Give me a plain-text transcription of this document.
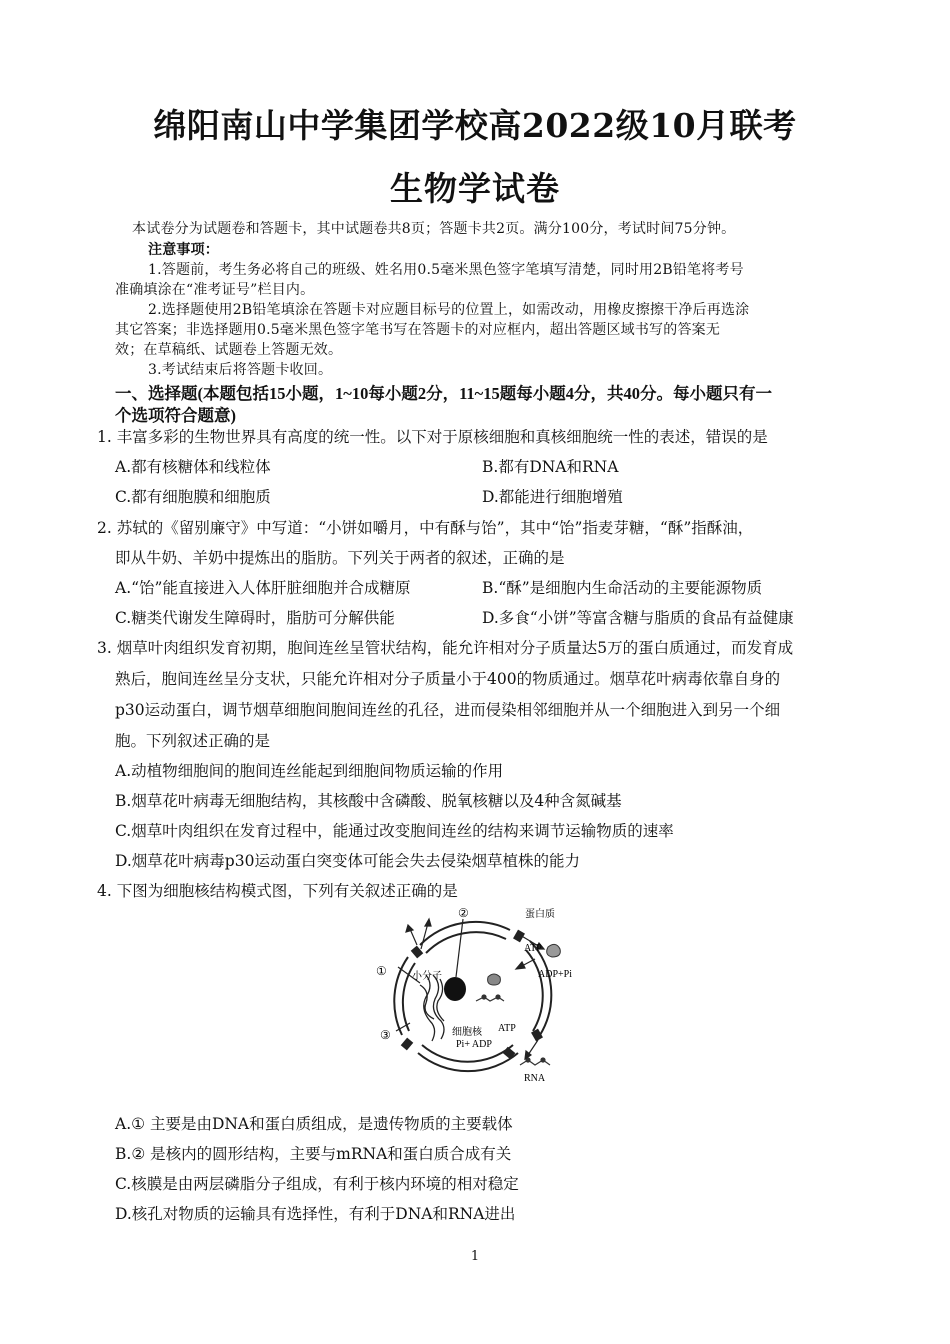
绵阳南山中学集团学校高2022级10月联考
生物学试卷
本试卷分为试题卷和答题卡，其中试题卷共8页；答题卡共2页。满分100分，考试时间75分钟。
注意事项：
1.答题前，考生务必将自己的班级、姓名用0.5毫米黑色签字笔填写清楚，同时用2B铅笔将考号
准确填涂在“准考证号”栏目内。
2.选择题使用2B铅笔填涂在答题卡对应题目标号的位置上，如需改动，用橡皮擦擦干净后再选涂
其它答案；非选择题用0.5毫米黑色签字笔书写在答题卡的对应框内，超出答题区域书写的答案无
效；在草稿纸、试题卷上答题无效。
3.考试结束后将答题卡收回。
一、选择题(本题包括15小题，1~10每小题2分，11~15题每小题4分，共40分。每小题只有一
个选项符合题意)
1. 丰富多彩的生物世界具有高度的统一性。以下对于原核细胞和真核细胞统一性的表述，错误的是
A.都有核糖体和线粒体	B.都有DNA和RNA
C.都有细胞膜和细胞质	D.都能进行细胞增殖
2. 苏轼的《留别廉守》中写道：“小饼如嚼月，中有酥与饴”，其中“饴”指麦芽糖，“酥”指酥油，
即从牛奶、羊奶中提炼出的脂肪。下列关于两者的叙述，正确的是
A.“饴”能直接进入人体肝脏细胞并合成糖原	B.“酥”是细胞内生命活动的主要能源物质
C.糖类代谢发生障碍时，脂肪可分解供能	D.多食“小饼”等富含糖与脂质的食品有益健康
3. 烟草叶肉组织发育初期，胞间连丝呈管状结构，能允许相对分子质量达5万的蛋白质通过，而发育成
熟后，胞间连丝呈分支状，只能允许相对分子质量小于400的物质通过。烟草花叶病毒依靠自身的
p30运动蛋白，调节烟草细胞间胞间连丝的孔径，进而侵染相邻细胞并从一个细胞进入到另一个细
胞。下列叙述正确的是
A.动植物细胞间的胞间连丝能起到细胞间物质运输的作用
B.烟草花叶病毒无细胞结构，其核酸中含磷酸、脱氧核糖以及4种含氮碱基
C.烟草叶肉组织在发育过程中，能通过改变胞间连丝的结构来调节运输物质的速率
D.烟草花叶病毒p30运动蛋白突变体可能会失去侵染烟草植株的能力
4. 下图为细胞核结构模式图，下列有关叙述正确的是
②	蛋白质
ATP
ADP+Pi
①	小分子
ATP
③	细胞核
Pi+ ADP
RNA
A.① 主要是由DNA和蛋白质组成，是遗传物质的主要载体
B.② 是核内的圆形结构，主要与mRNA和蛋白质合成有关
C.核膜是由两层磷脂分子组成，有利于核内环境的相对稳定
D.核孔对物质的运输具有选择性，有利于DNA和RNA进出
1
